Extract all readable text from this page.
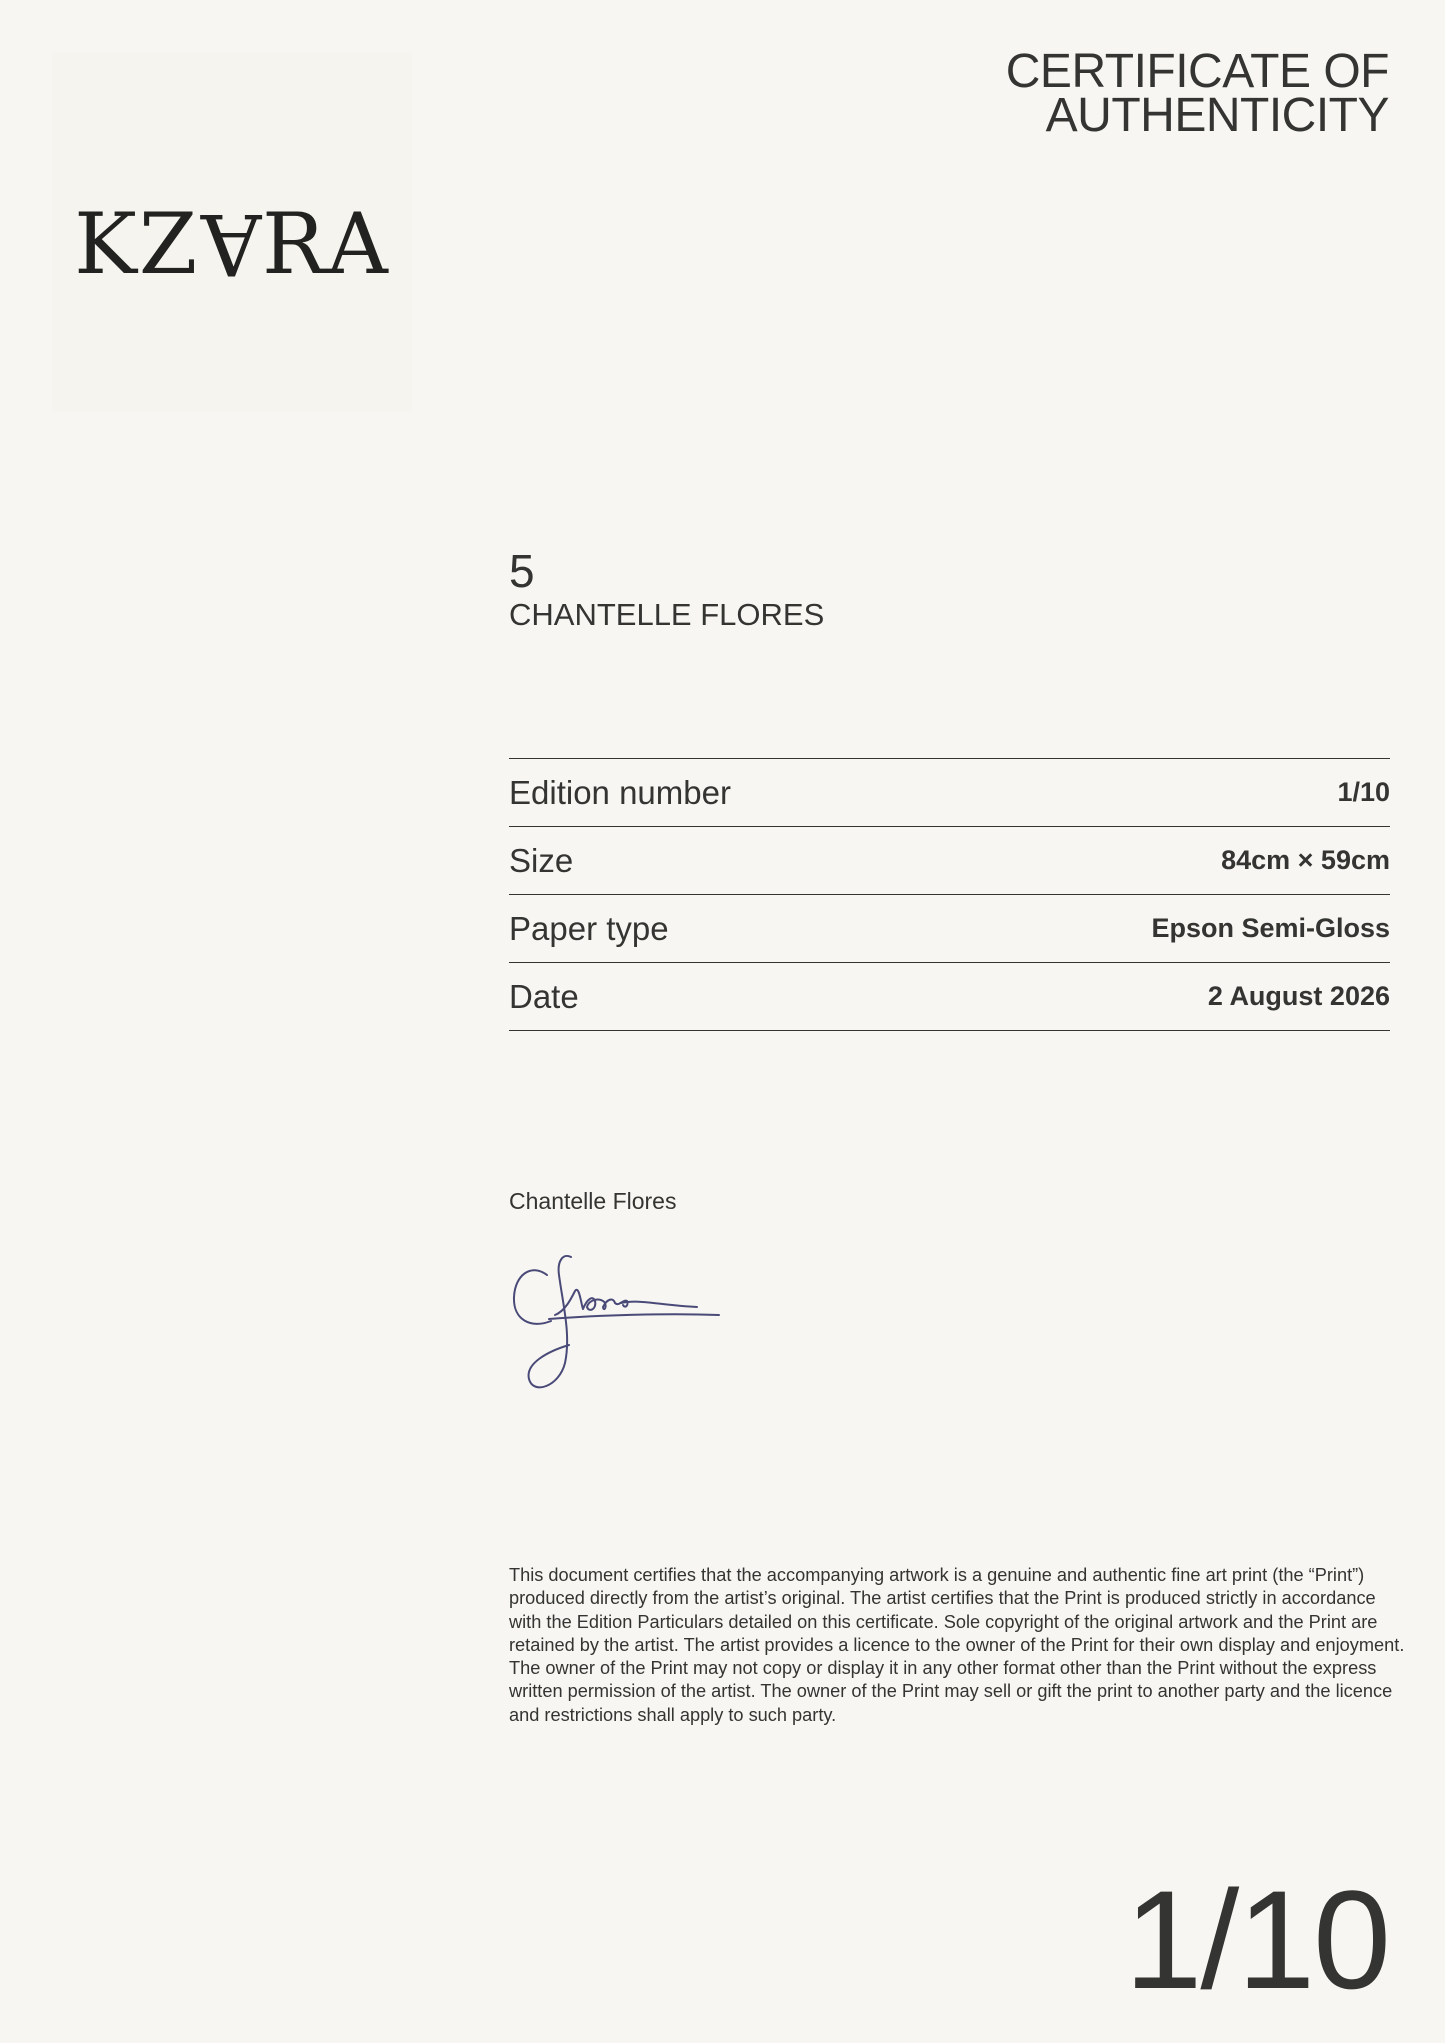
KZARA
CERTIFICATE OF
AUTHENTICITY
5
CHANTELLE FLORES
Edition number	1/10
Size	84cm × 59cm
Paper type	Epson Semi-Gloss
Date	2 August 2026
Chantelle Flores
This document certifies that the accompanying artwork is a genuine and authentic fine art print (the “Print”) produced directly from the artist’s original. The artist certifies that the Print is produced strictly in accordance with the Edition Particulars detailed on this certificate. Sole copyright of the original artwork and the Print are retained by the artist. The artist provides a licence to the owner of the Print for their own display and enjoyment. The owner of the Print may not copy or display it in any other format other than the Print without the express written permission of the artist. The owner of the Print may sell or gift the print to another party and the licence and restrictions shall apply to such party.
1/10
